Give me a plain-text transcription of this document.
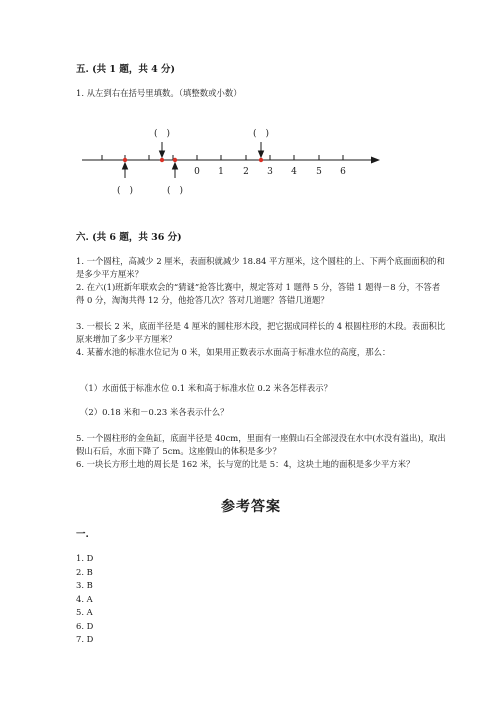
五. (共 1 题，共 4 分)
1. 从左到右在括号里填数。（填整数或小数）
0 1 2 3 4 5 6
(　)	(　)
(　)	(　)
六. (共 6 题，共 36 分)
1. 一个圆柱，高减少 2 厘米，表面积就减少 18.84 平方厘米，这个圆柱的上、下两个底面面积的和是多少平方厘米？
2. 在六(1)班新年联欢会的“猜谜”抢答比赛中，规定答对 1 题得 5 分，答错 1 题得－8 分，不答者得 0 分，淘淘共得 12 分，他抢答几次？答对几道题？答错几道题？
3. 一根长 2 米，底面半径是 4 厘米的圆柱形木段，把它据成同样长的 4 根圆柱形的木段。表面积比原来增加了多少平方厘米？
4. 某蓄水池的标准水位记为 0 米，如果用正数表示水面高于标准水位的高度，那么：
（1）水面低于标准水位 0.1 米和高于标准水位 0.2 米各怎样表示？
（2）0.18 米和－0.23 米各表示什么？
5. 一个圆柱形的金鱼缸，底面半径是 40cm，里面有一座假山石全部浸没在水中(水没有溢出)，取出假山石后，水面下降了 5cm。这座假山的体积是多少？
6. 一块长方形土地的周长是 162 米，长与宽的比是 5：4，这块土地的面积是多少平方米？
参考答案
一.
1. D
2. B
3. B
4. A
5. A
6. D
7. D
